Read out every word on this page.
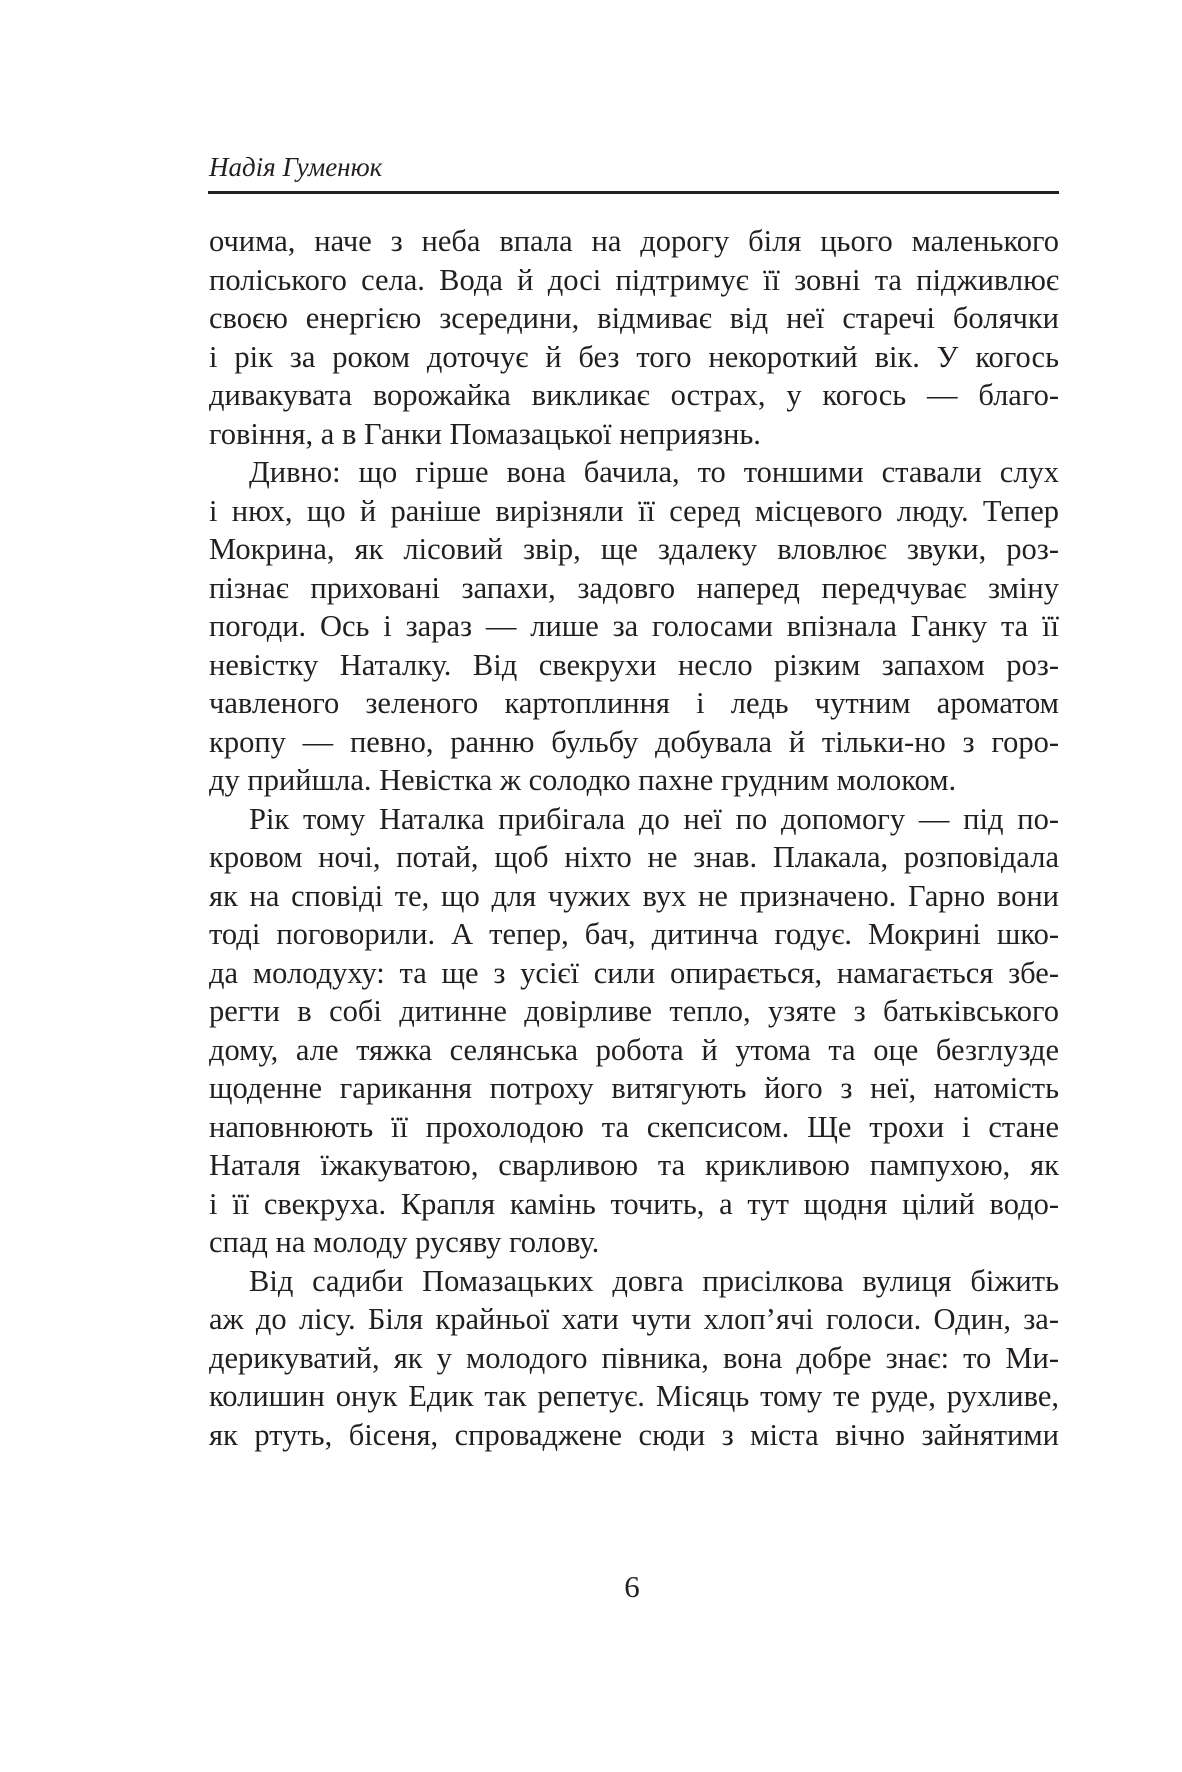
Надія Гуменюк
очима, наче з неба впала на дорогу біля цього маленького
поліського села. Вода й досі підтримує її зовні та підживлює
своєю енергією зсередини, відмиває від неї старечі болячки
і рік за роком доточує й без того некороткий вік. У когось
дивакувата ворожайка викликає острах, у когось — благо-
говіння, а в Ганки Помазацької неприязнь.
Дивно: що гірше вона бачила, то тоншими ставали слух
і нюх, що й раніше вирізняли її серед місцевого люду. Тепер
Мокрина, як лісовий звір, ще здалеку вловлює звуки, роз-
пізнає приховані запахи, задовго наперед передчуває зміну
погоди. Ось і зараз — лише за голосами впізнала Ганку та її
невістку Наталку. Від свекрухи несло різким запахом роз-
чавленого зеленого картоплиння і ледь чутним ароматом
кропу — певно, ранню бульбу добувала й тільки-но з горо-
ду прийшла. Невістка ж солодко пахне грудним молоком.
Рік тому Наталка прибігала до неї по допомогу — під по-
кровом ночі, потай, щоб ніхто не знав. Плакала, розповідала
як на сповіді те, що для чужих вух не призначено. Гарно вони
тоді поговорили. А тепер, бач, дитинча годує. Мокрині шко-
да молодуху: та ще з усієї сили опирається, намагається збе-
регти в собі дитинне довірливе тепло, узяте з батьківського
дому, але тяжка селянська робота й утома та оце безглузде
щоденне гарикання потроху витягують його з неї, натомість
наповнюють її прохолодою та скепсисом. Ще трохи і стане
Наталя їжакуватою, сварливою та крикливою пампухою, як
і її свекруха. Крапля камінь точить, а тут щодня цілий водо-
спад на молоду русяву голову.
Від садиби Помазацьких довга присілкова вулиця біжить
аж до лісу. Біля крайньої хати чути хлоп’ячі голоси. Один, за-
дерикуватий, як у молодого півника, вона добре знає: то Ми-
колишин онук Едик так репетує. Місяць тому те руде, рухливе,
як ртуть, бісеня, спроваджене сюди з міста вічно зайнятими
6
